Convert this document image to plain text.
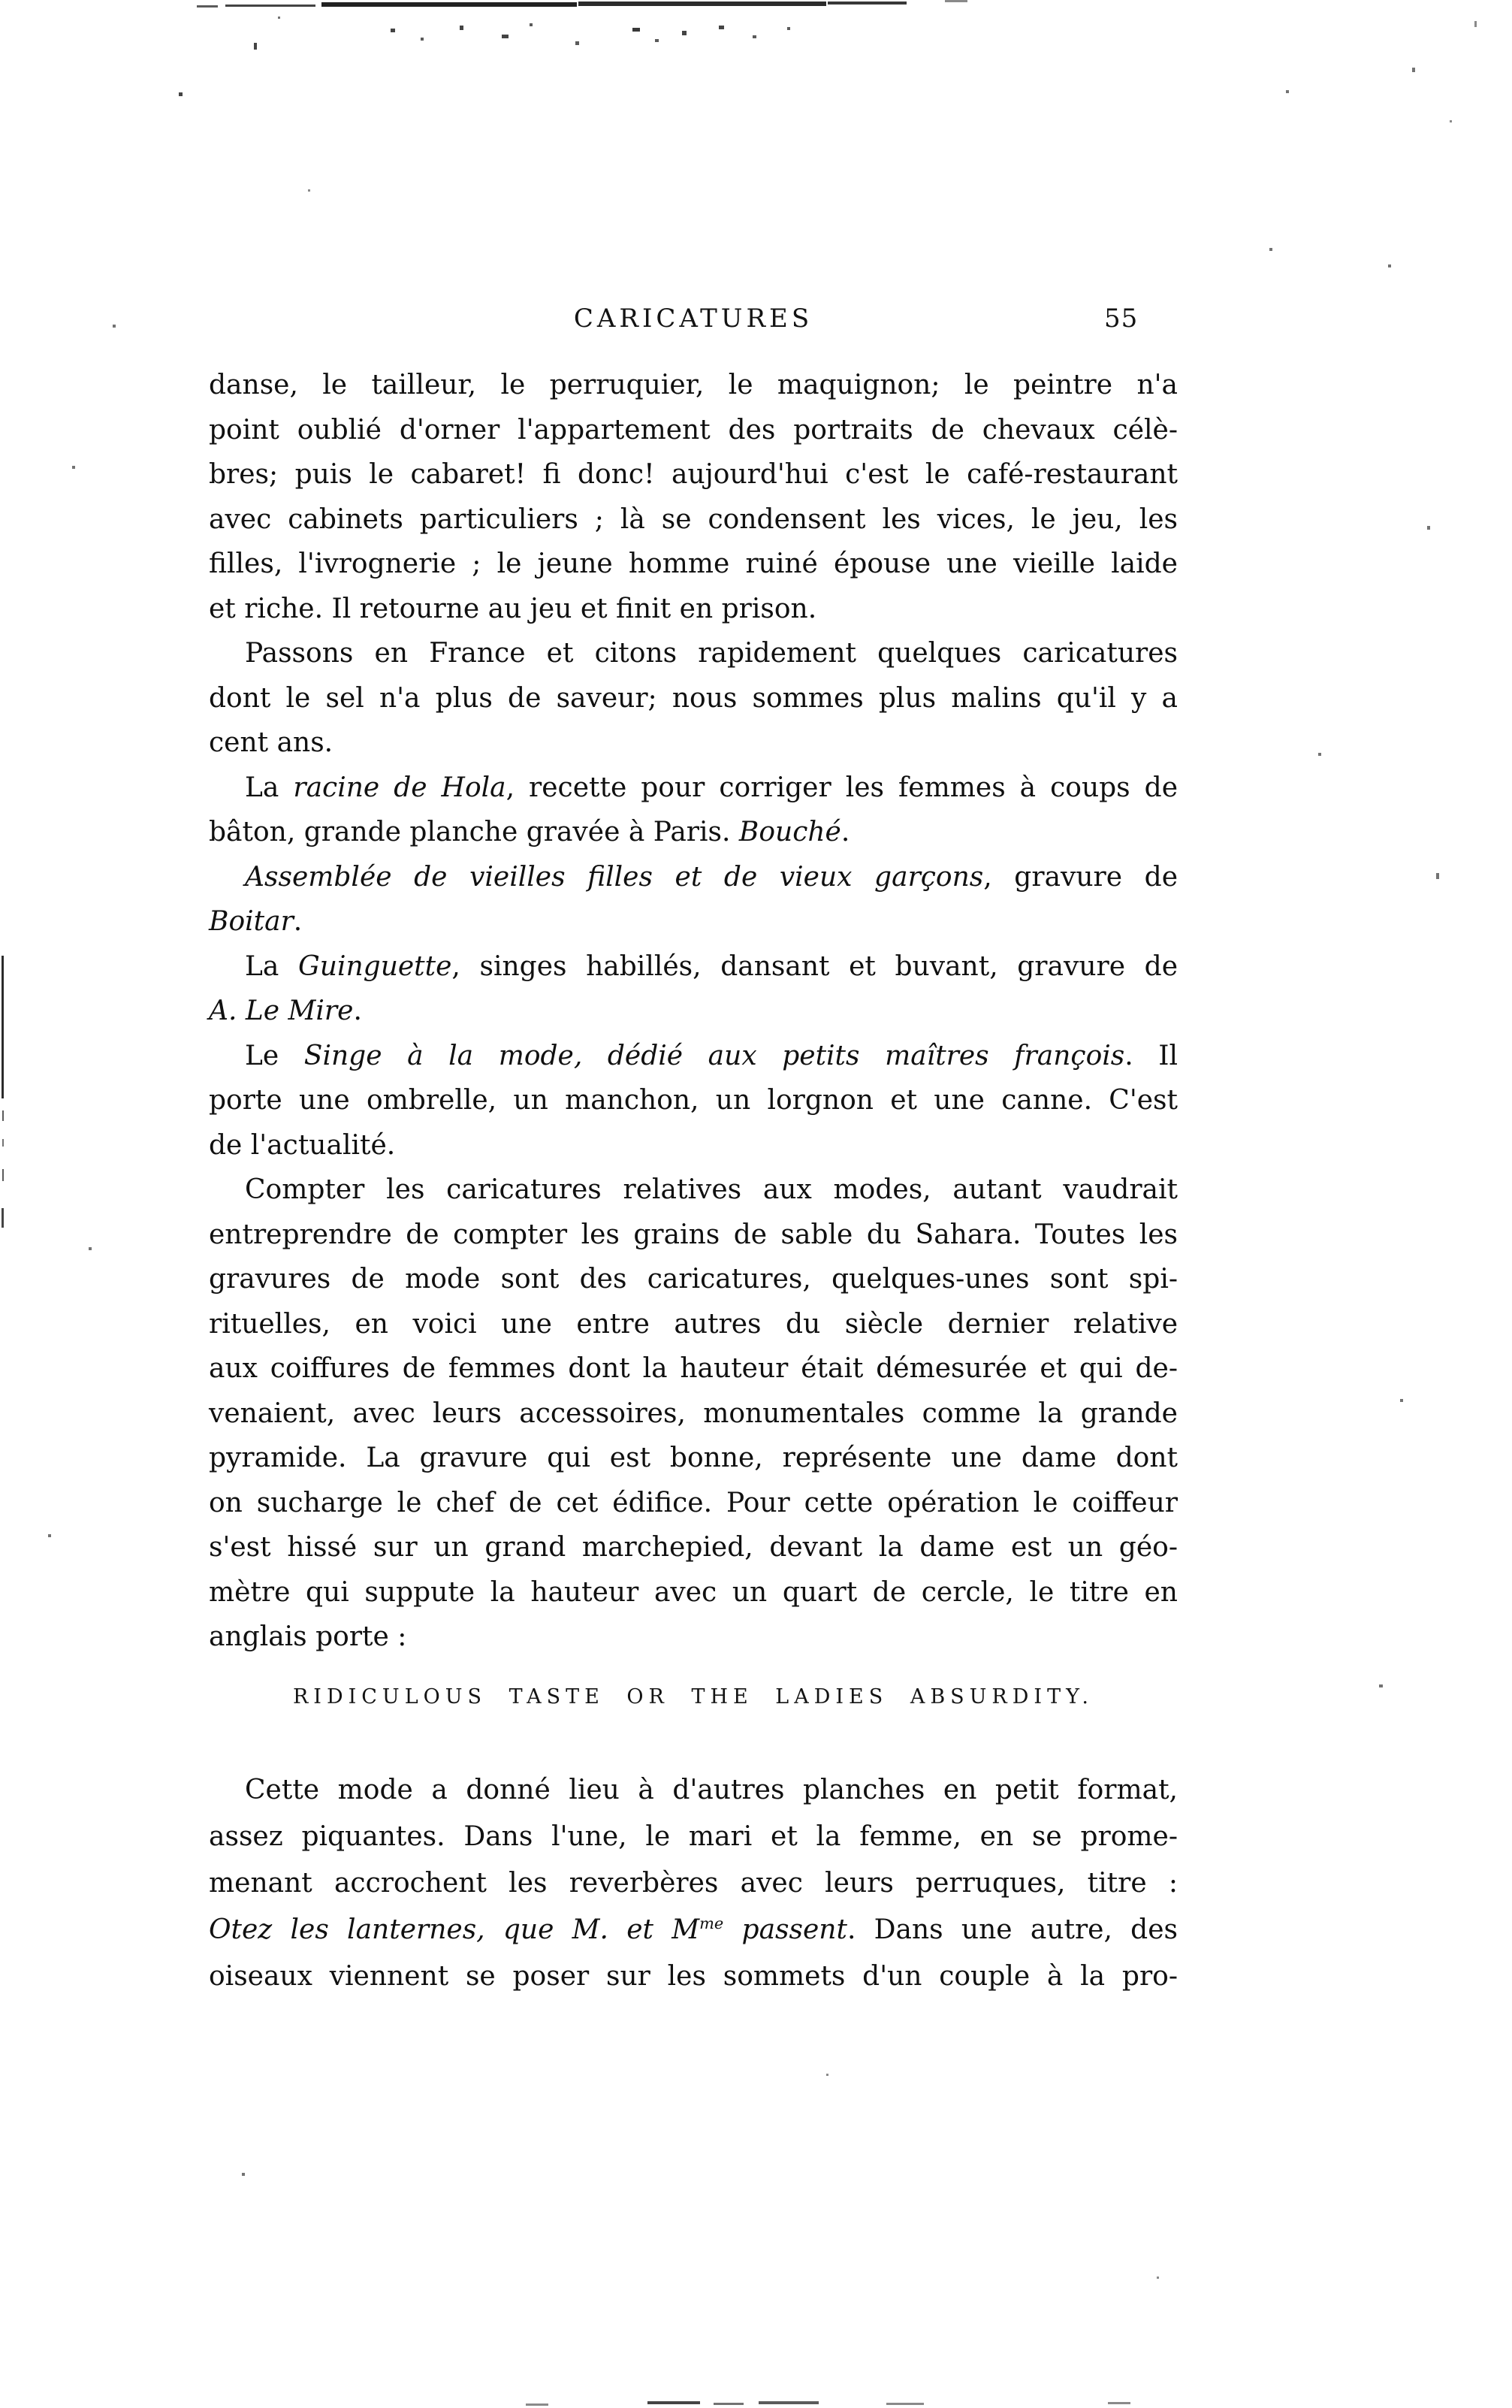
CARICATURES	55
danse, le tailleur, le perruquier, le maquignon; le peintre n'a
point oublié d'orner l'appartement des portraits de chevaux célè-
bres; puis le cabaret! fi donc! aujourd'hui c'est le café-restaurant
avec cabinets particuliers ; là se condensent les vices, le jeu, les
filles, l'ivrognerie ; le jeune homme ruiné épouse une vieille laide
et riche. Il retourne au jeu et finit en prison.
Passons en France et citons rapidement quelques caricatures
dont le sel n'a plus de saveur; nous sommes plus malins qu'il y a
cent ans.
La racine de Hola, recette pour corriger les femmes à coups de
bâton, grande planche gravée à Paris. Bouché.
Assemblée de vieilles filles et de vieux garçons, gravure de
Boitar.
La Guinguette, singes habillés, dansant et buvant, gravure de
A. Le Mire.
Le Singe à la mode, dédié aux petits maîtres françois. Il
porte une ombrelle, un manchon, un lorgnon et une canne. C'est
de l'actualité.
Compter les caricatures relatives aux modes, autant vaudrait
entreprendre de compter les grains de sable du Sahara. Toutes les
gravures de mode sont des caricatures, quelques-unes sont spi-
rituelles, en voici une entre autres du siècle dernier relative
aux coiffures de femmes dont la hauteur était démesurée et qui de-
venaient, avec leurs accessoires, monumentales comme la grande
pyramide. La gravure qui est bonne, représente une dame dont
on sucharge le chef de cet édifice. Pour cette opération le coiffeur
s'est hissé sur un grand marchepied, devant la dame est un géo-
mètre qui suppute la hauteur avec un quart de cercle, le titre en
anglais porte :
RIDICULOUS TASTE OR THE LADIES ABSURDITY.
Cette mode a donné lieu à d'autres planches en petit format,
assez piquantes. Dans l'une, le mari et la femme, en se prome-
menant accrochent les reverbères avec leurs perruques, titre :
Otez les lanternes, que M. et $M^{me}$ passent. Dans une autre, des
oiseaux viennent se poser sur les sommets d'un couple à la pro-
